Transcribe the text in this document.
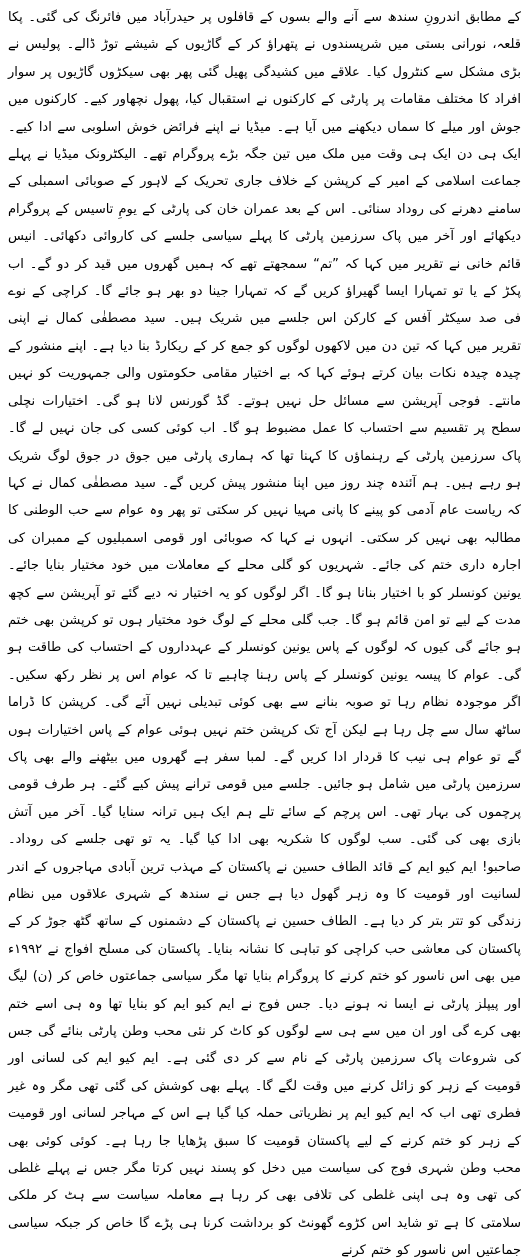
کے مطابق اندرونِ سندھ سے آنے والے بسوں کے قافلوں پر حیدرآباد میں فائرنگ کی گئی۔ پکا قلعہ، نورانی بستی میں شرپسندوں نے پتھراؤ کر کے گاڑیوں کے شیشے توڑ ڈالے۔ پولیس نے بڑی مشکل سے کنٹرول کیا۔ علاقے میں کشیدگی پھیل گئی پھر بھی سیکڑوں گاڑیوں پر سوار افراد کا مختلف مقامات پر پارٹی کے کارکنوں نے استقبال کیا، پھول نچھاور کیے۔ کارکنوں میں جوش اور میلے کا سماں دیکھنے میں آیا ہے۔ میڈیا نے اپنے فرائض خوش اسلوبی سے ادا کیے۔ ایک ہی دن ایک ہی وقت میں ملک میں تین جگہ بڑے پروگرام تھے۔ الیکٹرونک میڈیا نے پہلے جماعت اسلامی کے امیر کے کرپشن کے خلاف جاری تحریک کے لاہور کے صوبائی اسمبلی کے سامنے دھرنے کی روداد سنائی۔ اس کے بعد عمران خان کی پارٹی کے یومِ تاسیس کے پروگرام دیکھائے اور آخر میں پاک سرزمین پارٹی کا پہلے سیاسی جلسے کی کاروائی دکھائی۔ انیس قائم خانی نے تقریر میں کہا کہ ”تم“ سمجھتے تھے کہ ہمیں گھروں میں قید کر دو گے۔ اب پکڑ کے یا تو تمہارا ایسا گھیراؤ کریں گے کہ تمہارا جینا دو بھر ہو جائے گا۔ کراچی کے نوے فی صد سیکٹر آفس کے کارکن اس جلسے میں شریک ہیں۔ سید مصطفٰی کمال نے اپنی تقریر میں کہا کہ تین دن میں لاکھوں لوگوں کو جمع کر کے ریکارڈ بنا دیا ہے۔ اپنے منشور کے چیدہ چیدہ نکات بیان کرتے ہوئے کہا کہ بے اختیار مقامی حکومتوں والی جمہوریت کو نہیں مانتے۔ فوجی آپریشن سے مسائل حل نہیں ہوتے۔ گڈ گورنس لانا ہو گی۔ اختیارات نچلی سطح پر تقسیم سے احتساب کا عمل مضبوط ہو گا۔ اب کوئی کسی کی جان نہیں لے گا۔ پاک سرزمین پارٹی کے رہنماؤں کا کہنا تھا کہ ہماری پارٹی میں جوق در جوق لوگ شریک ہو رہے ہیں۔ ہم آئندہ چند روز میں اپنا منشور پیش کریں گے۔ سید مصطفٰی کمال نے کہا کہ ریاست عام آدمی کو پینے کا پانی مہیا نہیں کر سکتی تو پھر وہ عوام سے حب الوطنی کا مطالبہ بھی نہیں کر سکتی۔ انہوں نے کہا کہ صوبائی اور قومی اسمبلیوں کے ممبران کی اجارہ داری ختم کی جائے۔ شہریوں کو گلی محلے کے معاملات میں خود مختیار بنایا جائے۔ یونین کونسلر کو با اختیار بنانا ہو گا۔ اگر لوگوں کو یہ اختیار نہ دیے گئے تو آپریشن سے کچھ مدت کے لیے تو امن قائم ہو گا۔ جب گلی محلے کے لوگ خود مختیار ہوں تو کرپشن بھی ختم ہو جائے گی کیوں کہ لوگوں کے پاس یونین کونسلر کے عہدداروں کے احتساب کی طاقت ہو گی۔ عوام کا پیسہ یونین کونسلر کے پاس رہنا چاہیے تا کہ عوام اس پر نظر رکھ سکیں۔ اگر موجودہ نظام رہا تو صوبہ بنانے سے بھی کوئی تبدیلی نہیں آئے گی۔ کرپشن کا ڈراما ساٹھ سال سے چل رہا ہے لیکن آج تک کرپشن ختم نہیں ہوئی عوام کے پاس اختیارات ہوں گے تو عوام ہی نیب کا قردار ادا کریں گے۔ لمبا سفر ہے گھروں میں بیٹھنے والے بھی پاک سرزمین پارٹی میں شامل ہو جائیں۔ جلسے میں قومی ترانے پیش کیے گئے۔ ہر طرف قومی پرچموں کی بہار تھی۔ اس پرچم کے سائے تلے ہم ایک ہیں ترانہ سنایا گیا۔ آخر میں آتش بازی بھی کی گئی۔ سب لوگوں کا شکریہ بھی ادا کیا گیا۔ یہ تو تھی جلسے کی روداد۔ صاحبو! ایم کیو ایم کے قائد الطاف حسین نے پاکستان کے مہذب ترین آبادی مہاجروں کے اندر لسانیت اور قومیت کا وہ زہر گھول دیا ہے جس نے سندھ کے شہری علاقوں میں نظام زندگی کو تتر بتر کر دیا ہے۔ الطاف حسین نے پاکستان کے دشمنوں کے ساتھ گٹھ جوڑ کر کے پاکستان کی معاشی حب کراچی کو تباہی کا نشانہ بنایا۔ پاکستان کی مسلح افواج نے ۱۹۹۲ء میں بھی اس ناسور کو ختم کرنے کا پروگرام بنایا تھا مگر سیاسی جماعتوں خاص کر (ن) لیگ اور پیپلز پارٹی نے ایسا نہ ہونے دیا۔ جس فوج نے ایم کیو ایم کو بنایا تھا وہ ہی اسے ختم بھی کرے گی اور ان میں سے ہی سے لوگوں کو کاٹ کر نئی محب وطن پارٹی بنائے گی جس کی شروعات پاک سرزمین پارٹی کے نام سے کر دی گئی ہے۔ ایم کیو ایم کی لسانی اور قومیت کے زہر کو زائل کرنے میں وقت لگے گا۔ پہلے بھی کوشش کی گئی تھی مگر وہ غیر فطری تھی اب کہ ایم کیو ایم پر نظریاتی حملہ کیا گیا ہے اس کے مہاجر لسانی اور قومیت کے زہر کو ختم کرنے کے لیے پاکستان قومیت کا سبق پڑھایا جا رہا ہے۔ کوئی کوئی بھی محب وطن شہری فوج کی سیاست میں دخل کو پسند نہیں کرتا مگر جس نے پہلے غلطی کی تھی وہ ہی اپنی غلطی کی تلافی بھی کر رہا ہے معاملہ سیاست سے ہٹ کر ملکی سلامتی کا ہے تو شاید اس کڑوے گھونٹ کو برداشت کرنا ہی پڑے گا خاص کر جبکہ سیاسی جماعتیں اس ناسور کو ختم کرنے
